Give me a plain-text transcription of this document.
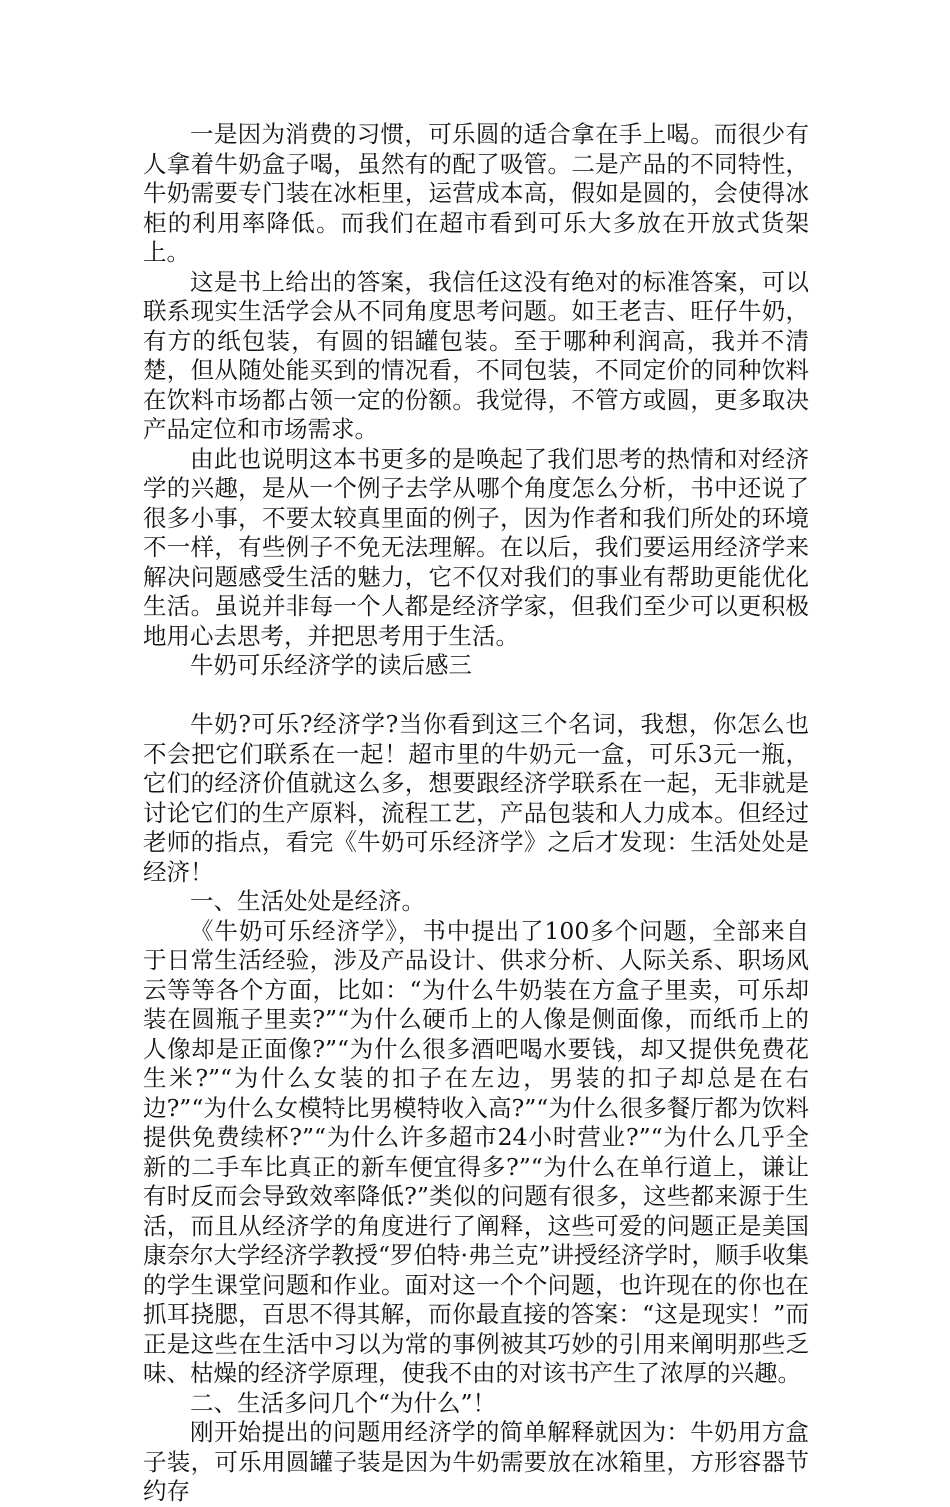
一是因为消费的习惯，可乐圆的适合拿在手上喝。而很少有人拿着牛奶盒子喝，虽然有的配了吸管。二是产品的不同特性，牛奶需要专门装在冰柜里，运营成本高，假如是圆的，会使得冰柜的利用率降低。而我们在超市看到可乐大多放在开放式货架上。

这是书上给出的答案，我信任这没有绝对的标准答案，可以联系现实生活学会从不同角度思考问题。如王老吉、旺仔牛奶，有方的纸包装，有圆的铝罐包装。至于哪种利润高，我并不清楚，但从随处能买到的情况看，不同包装，不同定价的同种饮料在饮料市场都占领一定的份额。我觉得，不管方或圆，更多取决产品定位和市场需求。

由此也说明这本书更多的是唤起了我们思考的热情和对经济学的兴趣，是从一个例子去学从哪个角度怎么分析，书中还说了很多小事，不要太较真里面的例子，因为作者和我们所处的环境不一样，有些例子不免无法理解。在以后，我们要运用经济学来解决问题感受生活的魅力，它不仅对我们的事业有帮助更能优化生活。虽说并非每一个人都是经济学家，但我们至少可以更积极地用心去思考，并把思考用于生活。

牛奶可乐经济学的读后感三

牛奶?可乐?经济学?当你看到这三个名词，我想，你怎么也不会把它们联系在一起！超市里的牛奶元一盒，可乐3元一瓶，它们的经济价值就这么多，想要跟经济学联系在一起，无非就是讨论它们的生产原料，流程工艺，产品包装和人力成本。但经过老师的指点，看完《牛奶可乐经济学》之后才发现：生活处处是经济！

一、生活处处是经济。

《牛奶可乐经济学》，书中提出了100多个问题，全部来自于日常生活经验，涉及产品设计、供求分析、人际关系、职场风云等等各个方面，比如：“为什么牛奶装在方盒子里卖，可乐却装在圆瓶子里卖?”“为什么硬币上的人像是侧面像，而纸币上的人像却是正面像?”“为什么很多酒吧喝水要钱，却又提供免费花生米?”“为什么女装的扣子在左边，男装的扣子却总是在右边?”“为什么女模特比男模特收入高?”“为什么很多餐厅都为饮料提供免费续杯?”“为什么许多超市24小时营业?”“为什么几乎全新的二手车比真正的新车便宜得多?”“为什么在单行道上，谦让有时反而会导致效率降低?”类似的问题有很多，这些都来源于生活，而且从经济学的角度进行了阐释，这些可爱的问题正是美国康奈尔大学经济学教授“罗伯特·弗兰克”讲授经济学时，顺手收集的学生课堂问题和作业。面对这一个个问题，也许现在的你也在抓耳挠腮，百思不得其解，而你最直接的答案：“这是现实！”而正是这些在生活中习以为常的事例被其巧妙的引用来阐明那些乏味、枯燥的经济学原理，使我不由的对该书产生了浓厚的兴趣。

二、生活多问几个“为什么”！

刚开始提出的问题用经济学的简单解释就因为：牛奶用方盒子装，可乐用圆罐子装是因为牛奶需要放在冰箱里，方形容器节约存
